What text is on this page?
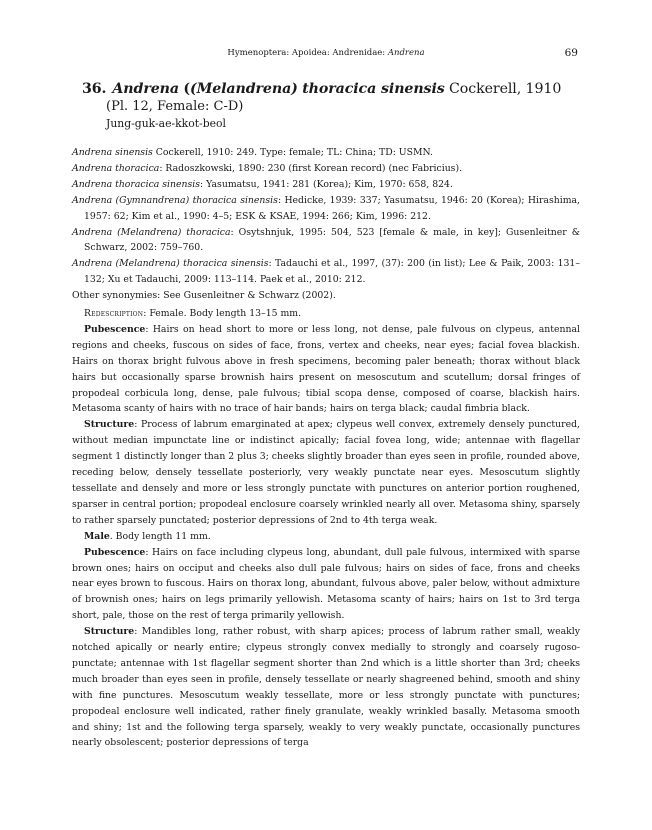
Hymenoptera: Apoidea: Andrenidae: Andrena	69
36. Andrena ((Melandrena) thoracica sinensis Cockerell, 1910
(Pl. 12, Female: C-D)
Jung-guk-ae-kkot-beol

Andrena sinensis Cockerell, 1910: 249. Type: female; TL: China; TD: USMN.

Andrena thoracica: Radoszkowski, 1890: 230 (first Korean record) (nec Fabricius).

Andrena thoracica sinensis: Yasumatsu, 1941: 281 (Korea); Kim, 1970: 658, 824.

Andrena (Gymnandrena) thoracica sinensis: Hedicke, 1939: 337; Yasumatsu, 1946: 20 (Korea); Hirashima, 1957: 62; Kim et al., 1990: 4–5; ESK & KSAE, 1994: 266; Kim, 1996: 212.

Andrena (Melandrena) thoracica: Osytshnjuk, 1995: 504, 523 [female & male, in key]; Gusenleitner & Schwarz, 2002: 759–760.

Andrena (Melandrena) thoracica sinensis: Tadauchi et al., 1997, (37): 200 (in list); Lee & Paik, 2003: 131–132; Xu et Tadauchi, 2009: 113–114. Paek et al., 2010: 212.

Other synonymies: See Gusenleitner & Schwarz (2002).

Redescription: Female. Body length 13–15 mm.

Pubescence: Hairs on head short to more or less long, not dense, pale fulvous on clypeus, antennal regions and cheeks, fuscous on sides of face, frons, vertex and cheeks, near eyes; facial fovea blackish. Hairs on thorax bright fulvous above in fresh specimens, becoming paler beneath; thorax without black hairs but occasionally sparse brownish hairs present on mesoscutum and scutellum; dorsal fringes of propodeal corbicula long, dense, pale fulvous; tibial scopa dense, composed of coarse, blackish hairs. Metasoma scanty of hairs with no trace of hair bands; hairs on terga black; caudal fimbria black.

Structure: Process of labrum emarginated at apex; clypeus well convex, extremely densely punctured, without median impunctate line or indistinct apically; facial fovea long, wide; antennae with flagellar segment 1 distinctly longer than 2 plus 3; cheeks slightly broader than eyes seen in profile, rounded above, receding below, densely tessellate posteriorly, very weakly punctate near eyes. Mesoscutum slightly tessellate and densely and more or less strongly punctate with punctures on anterior portion roughened, sparser in central portion; propodeal enclosure coarsely wrinkled nearly all over. Metasoma shiny, sparsely to rather sparsely punctated; posterior depressions of 2nd to 4th terga weak.

Male. Body length 11 mm.

Pubescence: Hairs on face including clypeus long, abundant, dull pale fulvous, intermixed with sparse brown ones; hairs on occiput and cheeks also dull pale fulvous; hairs on sides of face, frons and cheeks near eyes brown to fuscous. Hairs on thorax long, abundant, fulvous above, paler below, without admixture of brownish ones; hairs on legs primarily yellowish. Metasoma scanty of hairs; hairs on 1st to 3rd terga short, pale, those on the rest of terga primarily yellowish.

Structure: Mandibles long, rather robust, with sharp apices; process of labrum rather small, weakly notched apically or nearly entire; clypeus strongly convex medially to strongly and coarsely rugoso-punctate; antennae with 1st flagellar segment shorter than 2nd which is a little shorter than 3rd; cheeks much broader than eyes seen in profile, densely tessellate or nearly shagreened behind, smooth and shiny with fine punctures. Mesoscutum weakly tessellate, more or less strongly punctate with punctures; propodeal enclosure well indicated, rather finely granulate, weakly wrinkled basally. Metasoma smooth and shiny; 1st and the following terga sparsely, weakly to very weakly punctate, occasionally punctures nearly obsolescent; posterior depressions of terga
